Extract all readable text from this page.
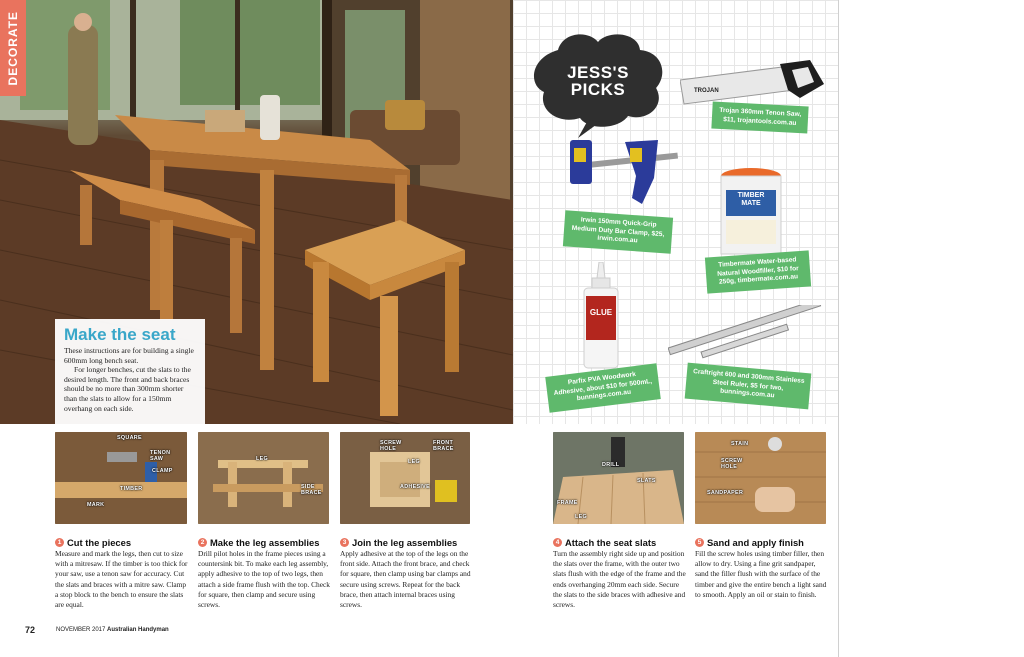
DECORATE
Make the seat
These instructions are for building a single 600mm long bench seat.
For longer benches, cut the slats to the desired length. The front and back braces should be no more than 300mm shorter than the slats to allow for a 150mm overhang on each side.
SQUARE
TENON SAW
CLAMP
TIMBER
MARK
LEG
SIDE BRACE
SCREW HOLE
FRONT BRACE
LEG
ADHESIVE
DRILL
SLATS
FRAME
LEG
STAIN
SCREW HOLE
SANDPAPER
1 Cut the pieces
Measure and mark the legs, then cut to size with a mitresaw. If the timber is too thick for your saw, use a tenon saw for accuracy. Cut the slats and braces with a mitre saw. Clamp a stop block to the bench to ensure the slats are equal.
2 Make the leg assemblies
Drill pilot holes in the frame pieces using a countersink bit. To make each leg assembly, apply adhesive to the top of two legs, then attach a side frame flush with the top. Check for square, then clamp and secure using screws.
3 Join the leg assemblies
Apply adhesive at the top of the legs on the front side. Attach the front brace, and check for square, then clamp using bar clamps and secure using screws. Repeat for the back brace, then attach internal braces using screws.
4 Attach the seat slats
Turn the assembly right side up and position the slats over the frame, with the outer two slats flush with the edge of the frame and the ends overhanging 20mm each side. Secure the slats to the side braces with adhesive and screws.
5 Sand and apply finish
Fill the screw holes using timber filler, then allow to dry. Using a fine grit sandpaper, sand the filler flush with the surface of the timber and give the entire bench a light sand to smooth. Apply an oil or stain to finish.
72	NOVEMBER 2017 Australian Handyman
JESS'S
PICKS	TROJAN
Trojan 360mm Tenon Saw, $11, trojantools.com.au
Irwin 150mm Quick-Grip Medium Duty Bar Clamp, $25, irwin.com.au
TIMBER
MATE
Timbermate Water-based Natural Woodfiller, $10 for 250g, timbermate.com.au
GLUE
Parfix PVA Woodwork Adhesive, about $10 for 500mL, bunnings.com.au
Craftright 600 and 300mm Stainless Steel Ruler, $5 for two, bunnings.com.au
